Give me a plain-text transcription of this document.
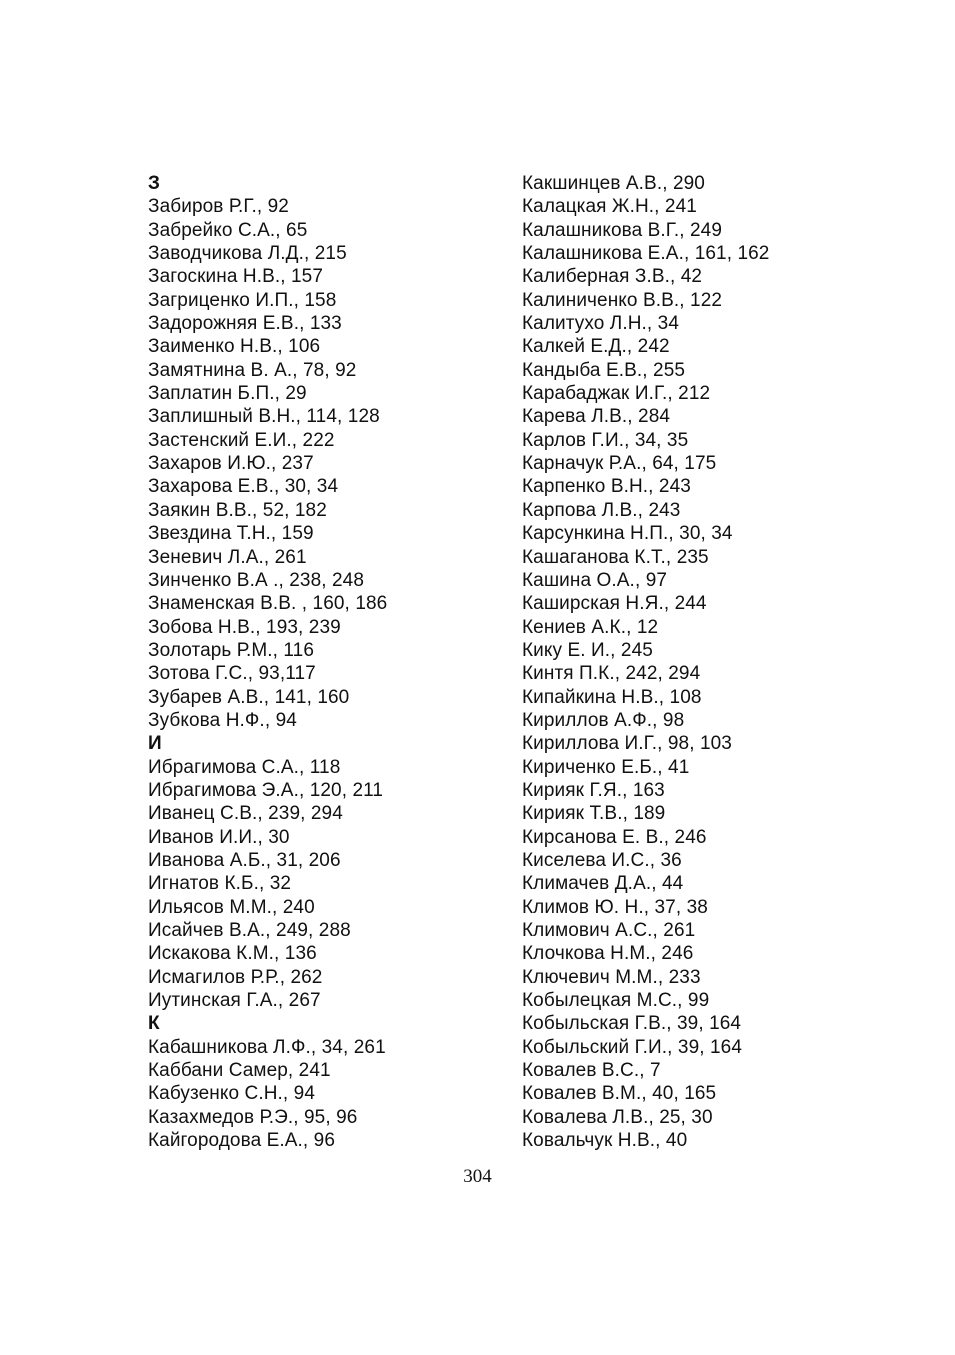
З
Забиров Р.Г., 92
Забрейко С.А., 65
Заводчикова Л.Д., 215
Загоскина Н.В., 157
Загриценко И.П., 158
Задорожняя Е.В., 133
Заименко Н.В., 106
Замятнина В. А., 78, 92
Заплатин Б.П., 29
Заплишный В.Н., 114, 128
Застенский Е.И., 222
Захаров И.Ю., 237
Захарова Е.В., 30, 34
Заякин В.В., 52, 182
Звездина Т.Н., 159
Зеневич Л.А., 261
Зинченко В.А ., 238, 248
Знаменская В.В. , 160, 186
Зобова Н.В., 193, 239
Золотарь Р.М., 116
Зотова Г.С., 93,117
Зубарев А.В., 141, 160
Зубкова Н.Ф., 94
И
Ибрагимова С.А., 118
Ибрагимова Э.А., 120, 211
Иванец С.В., 239, 294
Иванов И.И., 30
Иванова А.Б., 31, 206
Игнатов К.Б., 32
Ильясов М.М., 240
Исайчев В.А., 249, 288
Искакова К.М., 136
Исмагилов Р.Р., 262
Иутинская Г.А., 267
К
Кабашникова Л.Ф., 34, 261
Каббани Самер, 241
Кабузенко С.Н., 94
Казахмедов Р.Э., 95, 96
Кайгородова Е.А., 96
Какшинцев А.В., 290
Калацкая Ж.Н., 241
Калашникова В.Г., 249
Калашникова Е.А., 161, 162
Калиберная З.В., 42
Калиниченко В.В., 122
Калитухо Л.Н., 34
Калкей Е.Д., 242
Кандыба Е.В., 255
Карабаджак И.Г., 212
Карева Л.В., 284
Карлов Г.И., 34, 35
Карначук Р.А., 64, 175
Карпенко В.Н., 243
Карпова Л.В., 243
Карсункина Н.П., 30, 34
Кашаганова К.Т., 235
Кашина О.А., 97
Каширская Н.Я., 244
Кениев А.К., 12
Кику Е. И., 245
Кинтя П.К., 242, 294
Кипайкина Н.В., 108
Кириллов А.Ф., 98
Кириллова И.Г., 98, 103
Кириченко Е.Б., 41
Кирияк Г.Я., 163
Кирияк Т.В., 189
Кирсанова Е. В., 246
Киселева И.С., 36
Климачев Д.А., 44
Климов Ю. Н., 37, 38
Климович А.С., 261
Клочкова Н.М., 246
Ключевич М.М., 233
Кобылецкая М.С., 99
Кобыльская Г.В., 39, 164
Кобыльский Г.И., 39, 164
Ковалев В.С., 7
Ковалев В.М., 40, 165
Ковалева Л.В., 25, 30
Ковальчук Н.В., 40
304
